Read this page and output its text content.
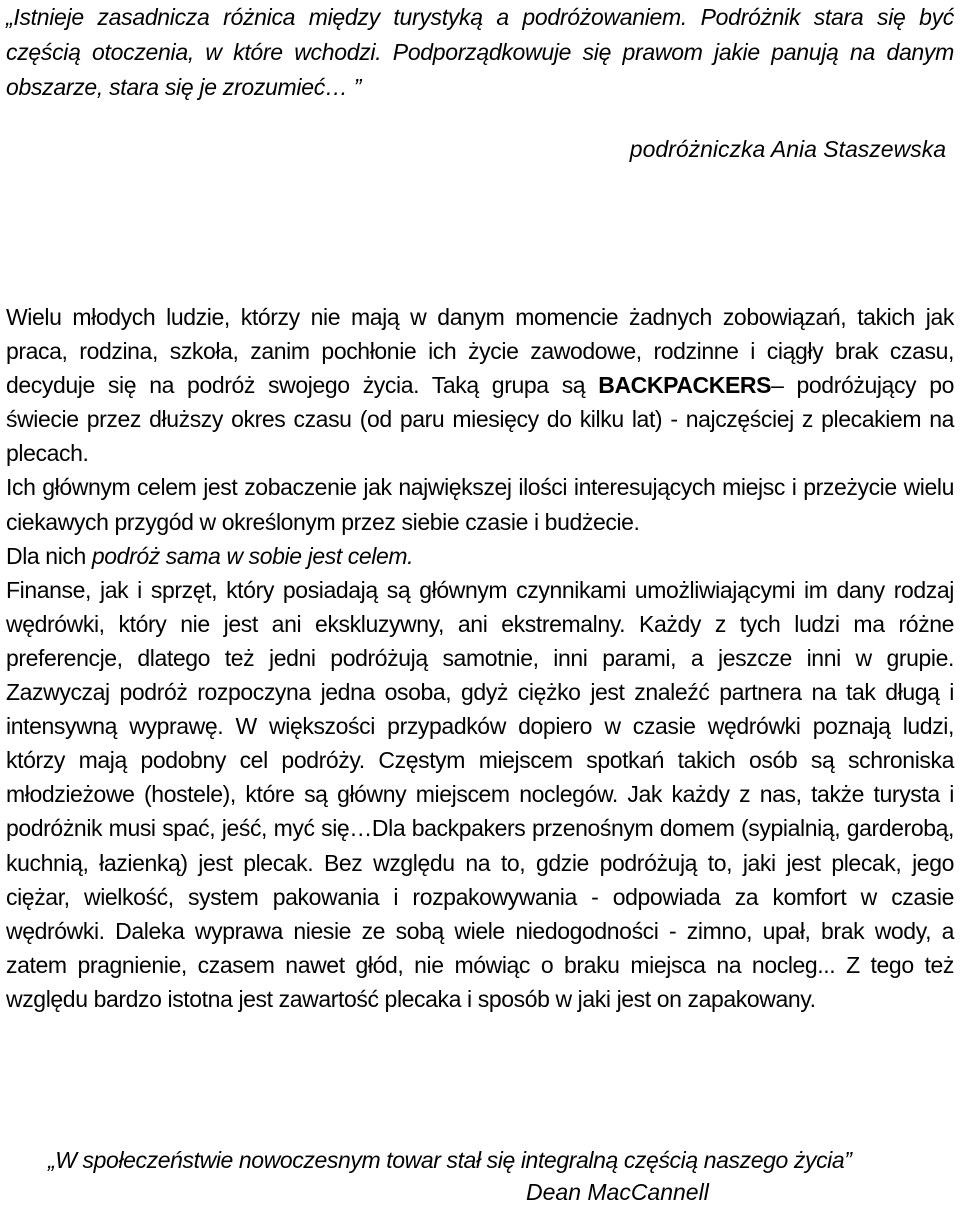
„Istnieje zasadnicza różnica między turystyką a podróżowaniem. Podróżnik stara się być częścią otoczenia, w które wchodzi. Podporządkowuje się prawom jakie panują na danym obszarze, stara się je zrozumieć… ”
podróżniczka Ania Staszewska

Wielu młodych ludzie, którzy nie mają w danym momencie żadnych zobowiązań, takich jak praca, rodzina, szkoła, zanim pochłonie ich życie zawodowe, rodzinne i ciągły brak czasu, decyduje się na podróż swojego życia. Taką grupa są BACKPACKERS– podróżujący po świecie przez dłuższy okres czasu (od paru miesięcy do kilku lat) - najczęściej z plecakiem na plecach.

Ich głównym celem jest zobaczenie jak największej ilości interesujących miejsc i przeżycie wielu ciekawych przygód w określonym przez siebie czasie i budżecie.

Dla nich podróż sama w sobie jest celem.

Finanse, jak i sprzęt, który posiadają są głównym czynnikami umożliwiającymi im dany rodzaj wędrówki, który nie jest ani ekskluzywny, ani ekstremalny. Każdy z tych ludzi ma różne preferencje, dlatego też jedni podróżują samotnie, inni parami, a jeszcze inni w grupie. Zazwyczaj podróż rozpoczyna jedna osoba, gdyż ciężko jest znaleźć partnera na tak długą i intensywną wyprawę. W większości przypadków dopiero w czasie wędrówki poznają ludzi, którzy mają podobny cel podróży. Częstym miejscem spotkań takich osób są schroniska młodzieżowe (hostele), które są główny miejscem noclegów. Jak każdy z nas, także turysta i podróżnik musi spać, jeść, myć się…Dla backpakers przenośnym domem (sypialnią, garderobą, kuchnią, łazienką) jest plecak. Bez względu na to, gdzie podróżują to, jaki jest plecak, jego ciężar, wielkość, system pakowania i rozpakowywania - odpowiada za komfort w czasie wędrówki. Daleka wyprawa niesie ze sobą wiele niedogodności - zimno, upał, brak wody, a zatem pragnienie, czasem nawet głód, nie mówiąc o braku miejsca na nocleg... Z tego też względu bardzo istotna jest zawartość plecaka i sposób w jaki jest on zapakowany.

„W społeczeństwie nowoczesnym towar stał się integralną częścią naszego życia”
Dean MacCannell
